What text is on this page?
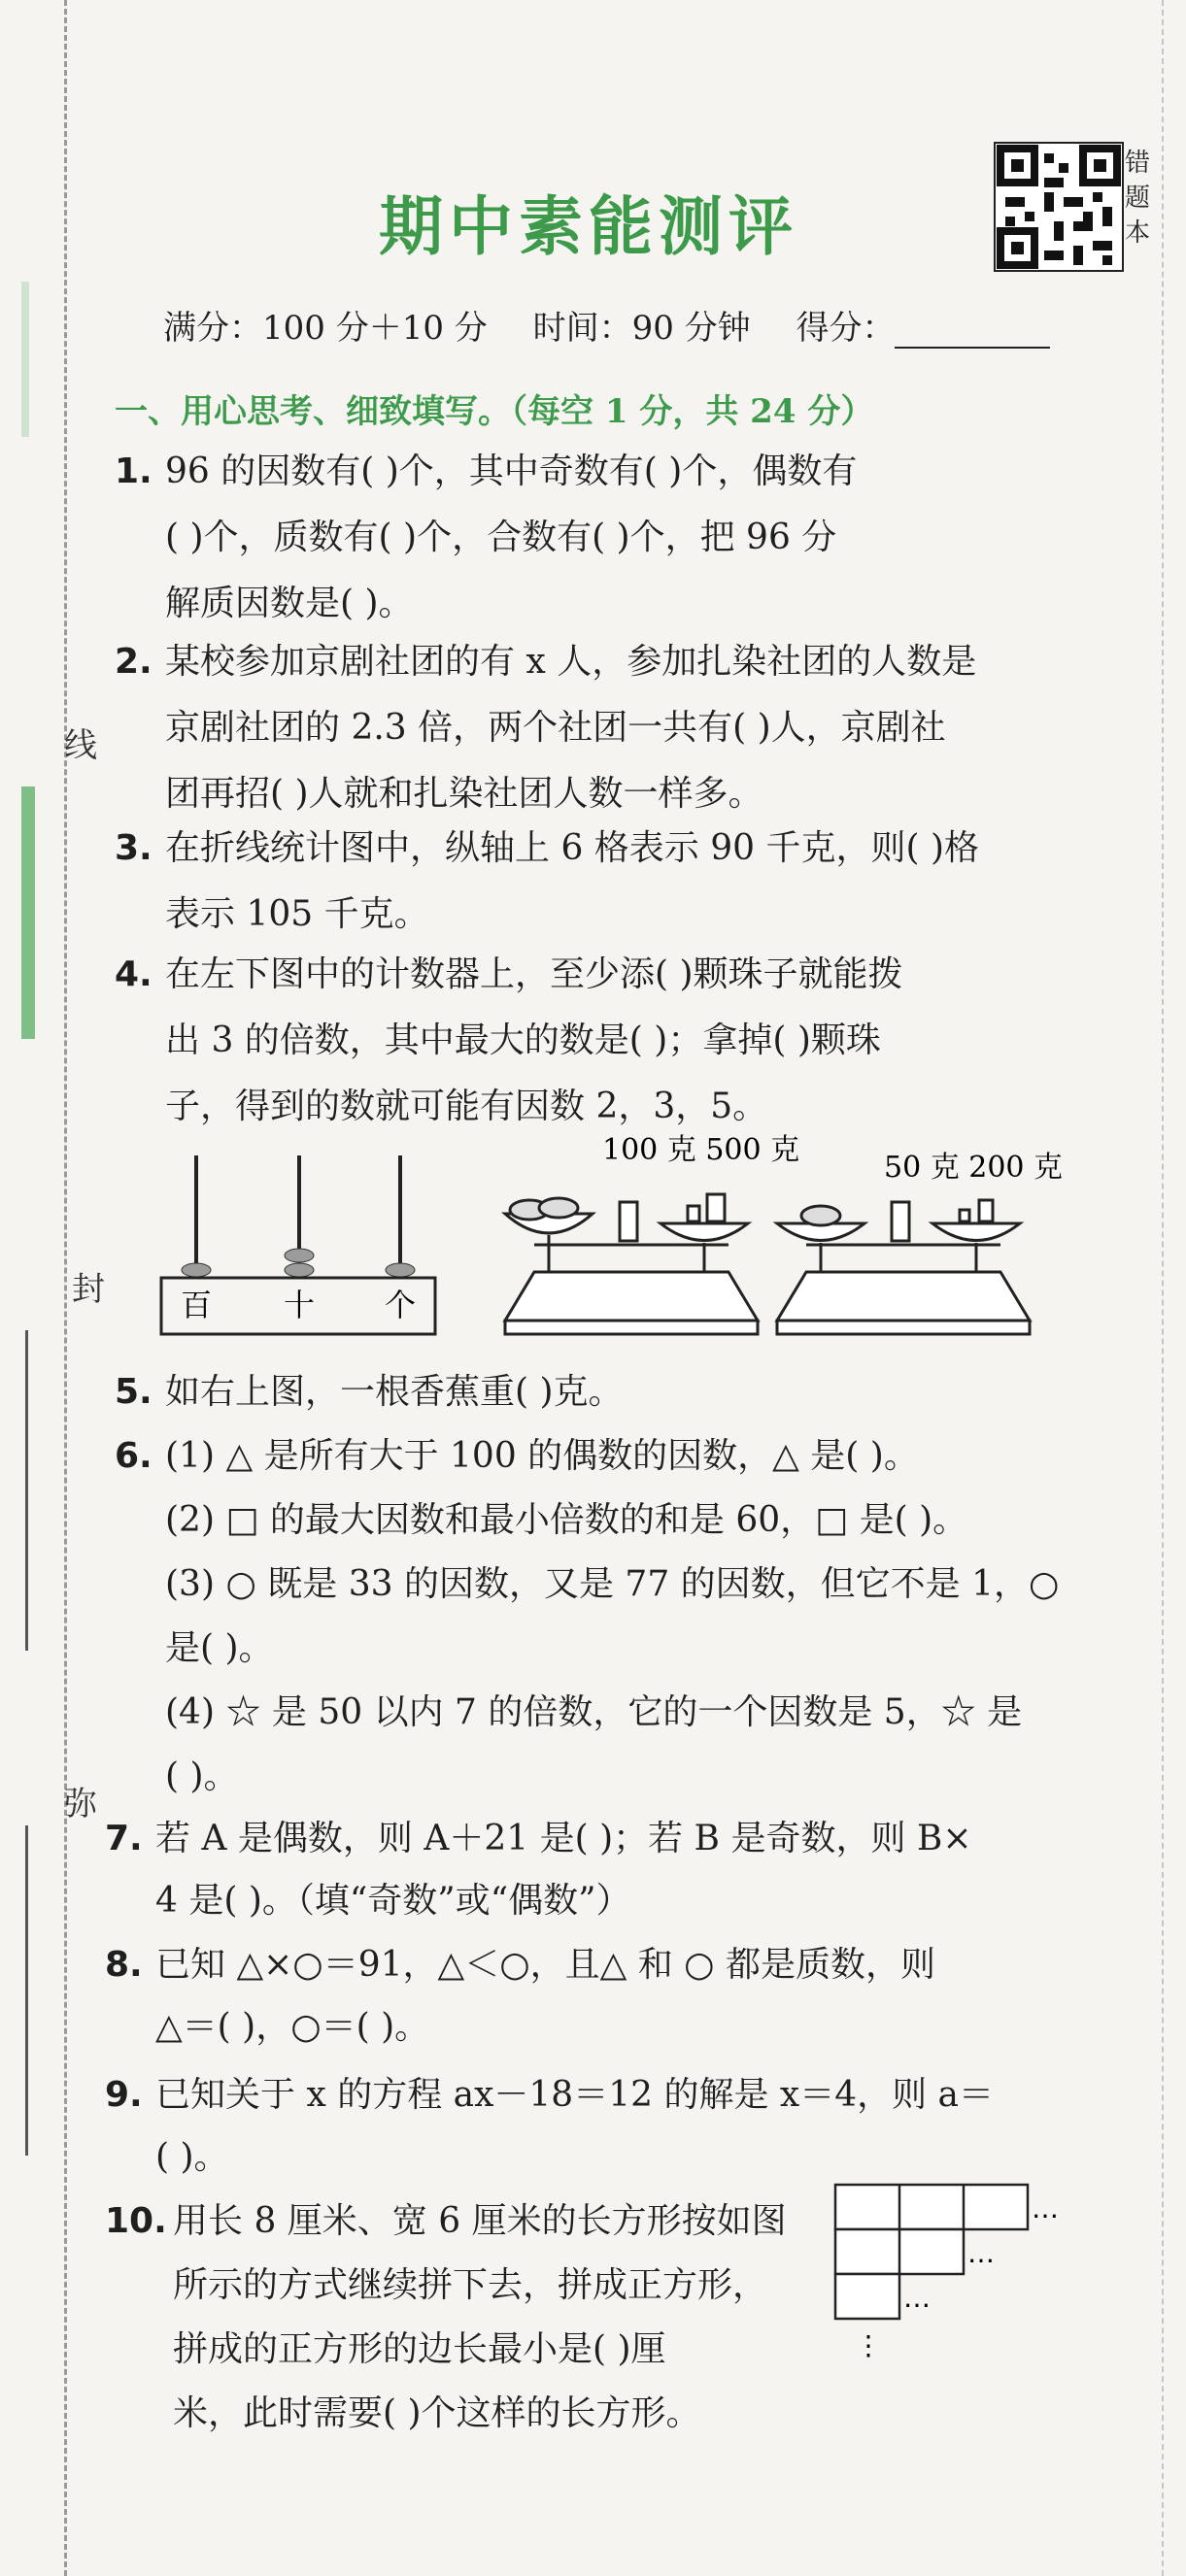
线
封
弥
期中素能测评
错
题
本
满分：100 分＋10 分 时间：90 分钟 得分：
一、用心思考、细致填写。（每空 1 分，共 24 分）
1. 96 的因数有( )个，其中奇数有( )个，偶数有
( )个，质数有( )个，合数有( )个，把 96 分
解质因数是( )。
2. 某校参加京剧社团的有 x 人，参加扎染社团的人数是
京剧社团的 2.3 倍，两个社团一共有( )人，京剧社
团再招( )人就和扎染社团人数一样多。
3. 在折线统计图中，纵轴上 6 格表示 90 千克，则( )格
表示 105 千克。
4. 在左下图中的计数器上，至少添( )颗珠子就能拨
出 3 的倍数，其中最大的数是( )；拿掉( )颗珠
子，得到的数就可能有因数 2，3，5。
百 十 个
100 克 500 克
50 克 200 克
5. 如右上图，一根香蕉重( )克。
6. (1) △ 是所有大于 100 的偶数的因数，△ 是( )。
(2) □ 的最大因数和最小倍数的和是 60，□ 是( )。
(3) ○ 既是 33 的因数，又是 77 的因数，但它不是 1，○
是( )。
(4) ☆ 是 50 以内 7 的倍数，它的一个因数是 5，☆ 是
( )。
7. 若 A 是偶数，则 A＋21 是( )；若 B 是奇数，则 B×
4 是( )。（填“奇数”或“偶数”）
8. 已知 △×○＝91，△＜○，且△ 和 ○ 都是质数，则
△＝( )，○＝( )。
9. 已知关于 x 的方程 ax－18＝12 的解是 x＝4，则 a＝
( )。
10. 用长 8 厘米、宽 6 厘米的长方形按如图
所示的方式继续拼下去，拼成正方形，
拼成的正方形的边长最小是( )厘
米，此时需要( )个这样的长方形。
…
…
…
⋮
